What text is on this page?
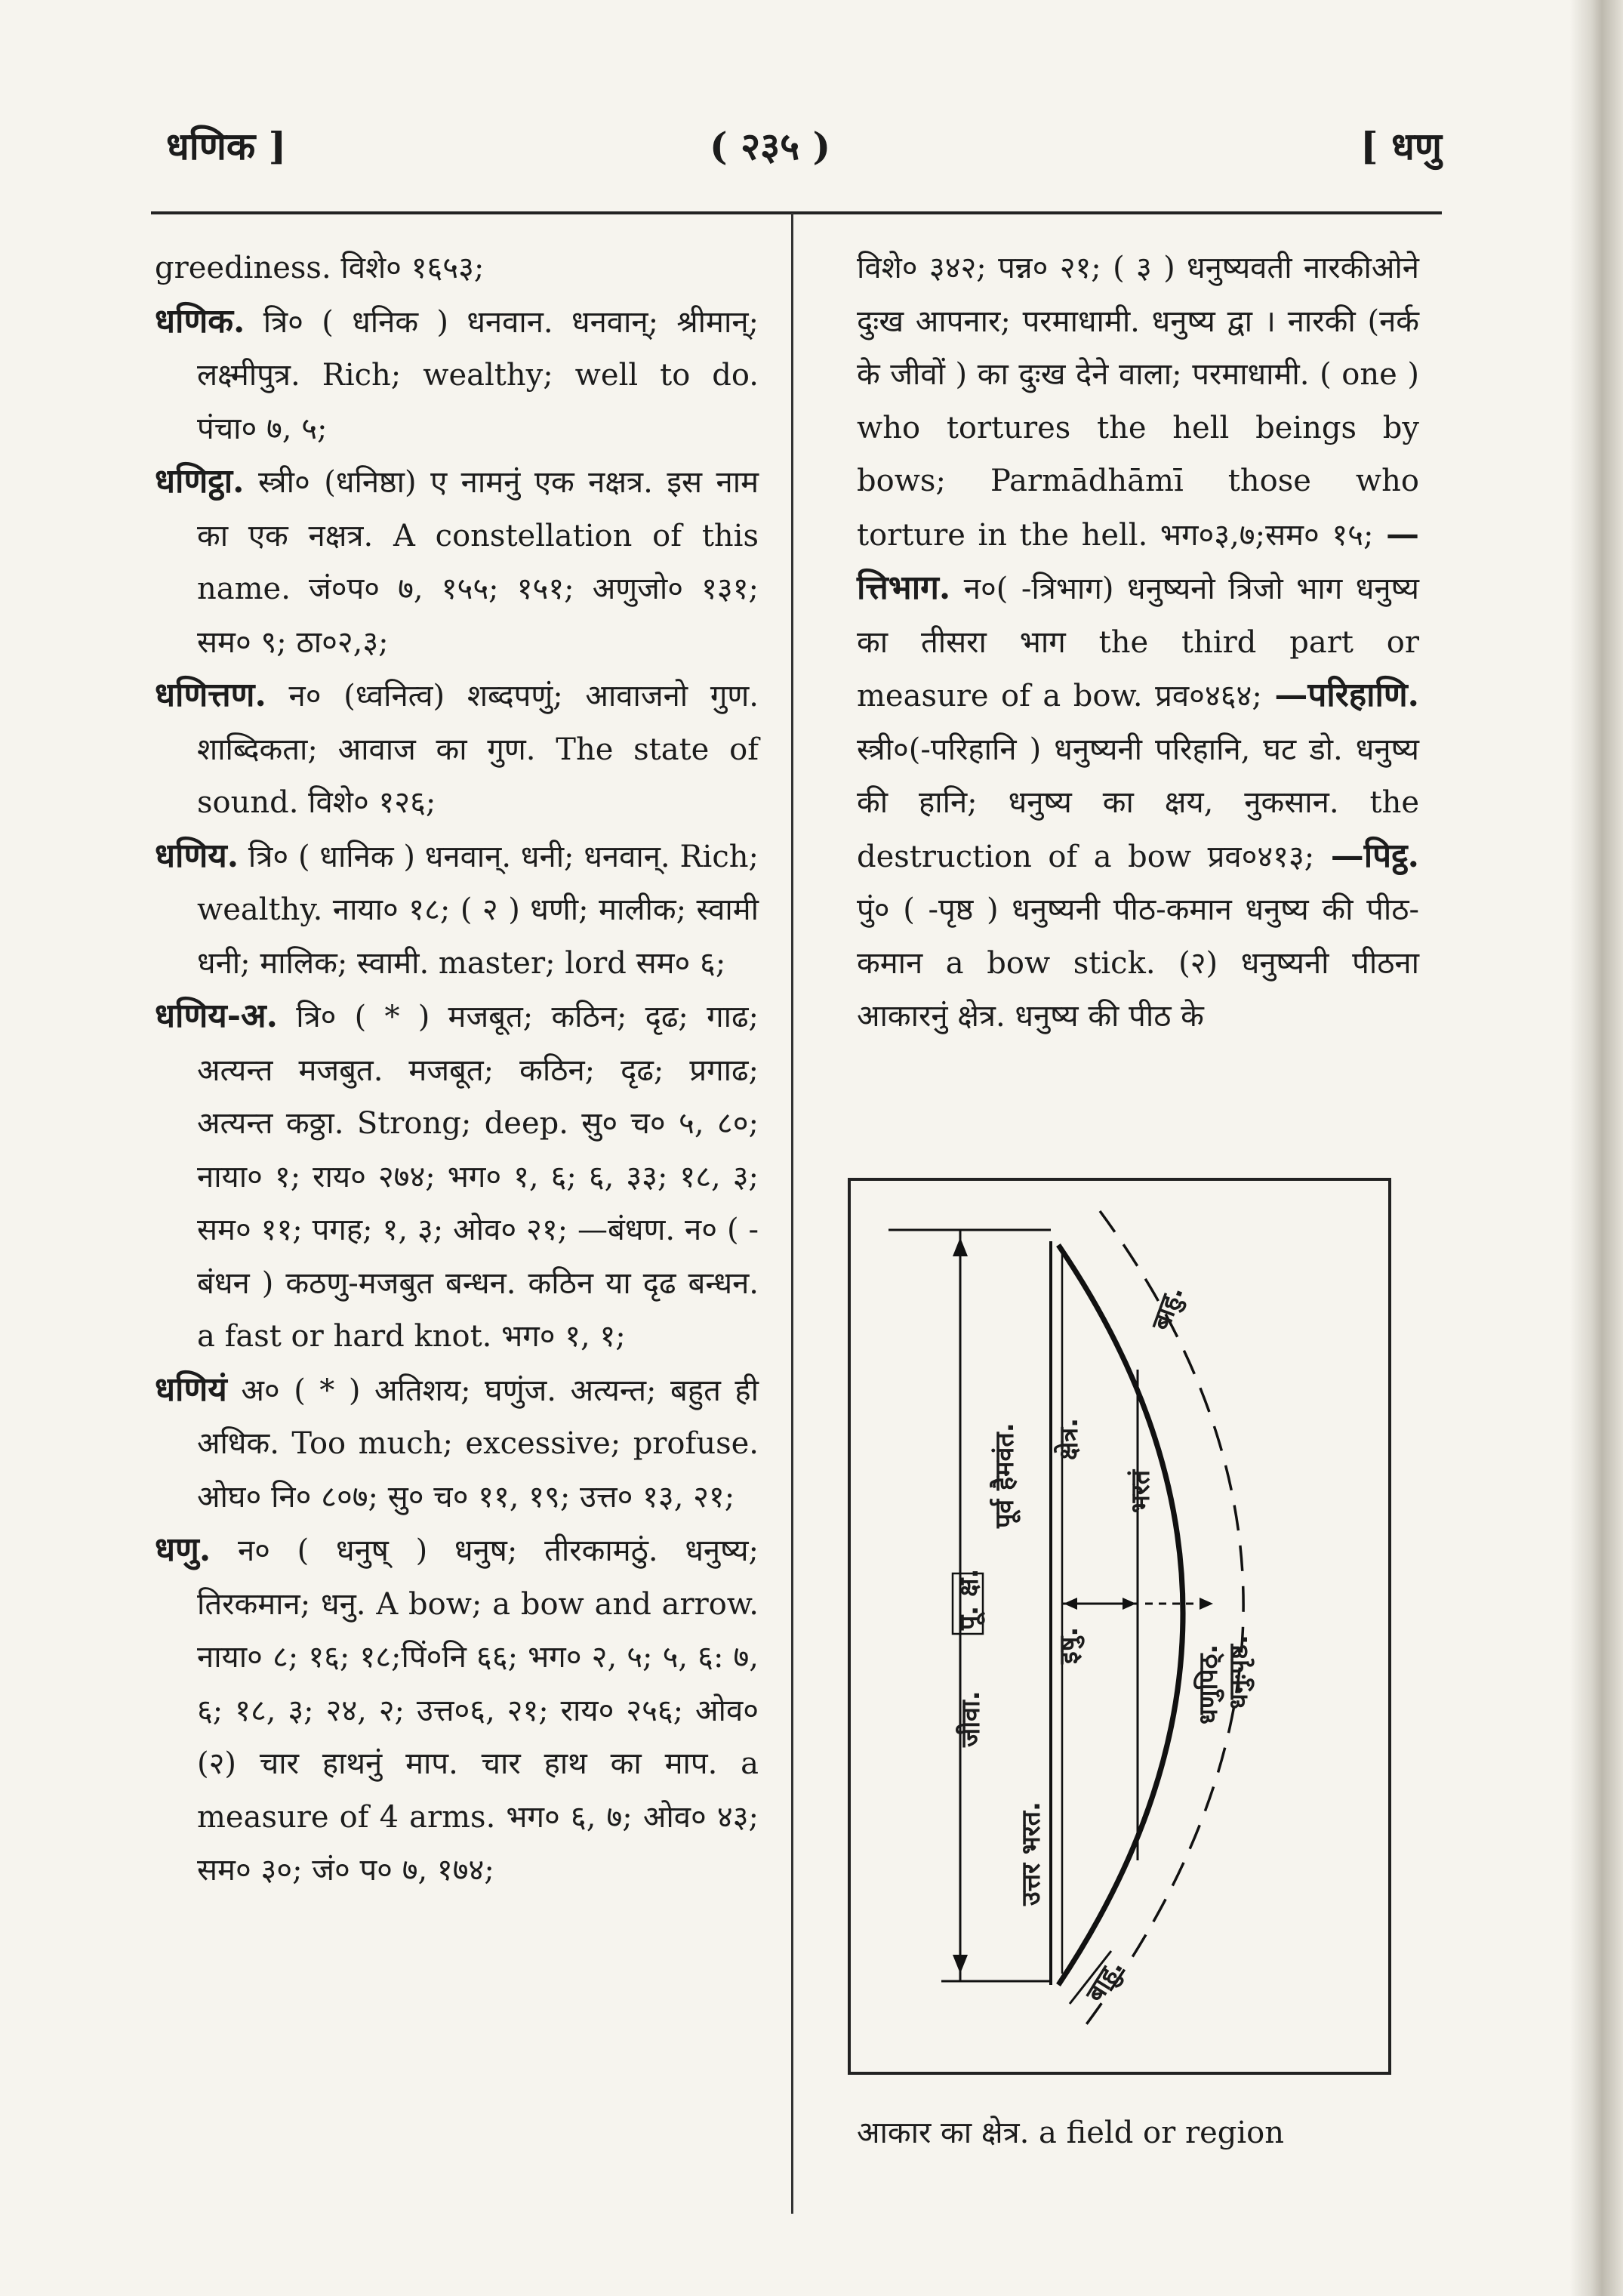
धणिक ]	( २३५ )	[ धणु

greediness. विशे० १६५३;

धणिक. त्रि० ( धनिक ) धनवान. धनवान्; श्रीमान्; लक्ष्मीपुत्र. Rich; wealthy; well to do. पंचा० ७, ५;

धणिट्ठा. स्त्री० (धनिष्ठा) ए नामनुं एक नक्षत्र. इस नाम का एक नक्षत्र. A constellation of this name. जं०प० ७, १५५; १५१; अणुजो० १३१; सम० ९; ठा०२,३;

धणित्तण. न० (ध्वनित्व) शब्दपणुं; आवाजनो गुण. शाब्दिकता; आवाज का गुण. The state of sound. विशे० १२६;

धणिय. त्रि० ( धानिक ) धनवान्. धनी; धनवान्. Rich; wealthy. नाया० १८; ( २ ) धणी; मालीक; स्वामी धनी; मालिक; स्वामी. master; lord सम० ६;

धणिय-अ. त्रि० ( * ) मजबूत; कठिन; दृढ; गाढ; अत्यन्त मजबुत. मजबूत; कठिन; दृढ; प्रगाढ; अत्यन्त कठ्ठा. Strong; deep. सु० च० ५, ८०; नाया० १; राय० २७४; भग० १, ६; ६, ३३; १८, ३; सम० ११; पगह; १, ३; ओव० २१; —बंधण. न० ( -बंधन ) कठणु-मजबुत बन्धन. कठिन या दृढ बन्धन. a fast or hard knot. भग० १, १;

धणियं अ० ( * ) अतिशय; घणुंज. अत्यन्त; बहुत ही अधिक. Too much; excessive; profuse. ओघ० नि० ८०७; सु० च० ११, १९; उत्त० १३, २१;

धणु. न० ( धनुष् ) धनुष; तीरकामठुं. धनुष्य; तिरकमान; धनु. A bow; a bow and arrow. नाया० ८; १६; १८;पिं०नि ६६; भग० २, ५; ५, ६: ७, ६; १८, ३; २४, २; उत्त०६, २१; राय० २५६; ओव० (२) चार हाथनुं माप. चार हाथ का माप. a measure of 4 arms. भग० ६, ७; ओव० ४३; सम० ३०; जं० प० ७, १७४;

विशे० ३४२; पन्न० २१; ( ३ ) धनुष्यवती नारकीओने दुःख आपनार; परमाधामी. धनुष्य द्वा । नारकी (नर्क के जीवों ) का दुःख देने वाला; परमाधामी. ( one ) who tortures the hell beings by bows; Parmādhāmī those who torture in the hell. भग०३,७;सम० १५; —त्तिभाग. न०( -त्रिभाग) धनुष्यनो त्रिजो भाग धनुष्य का तीसरा भाग the third part or measure of a bow. प्रव०४६४; —परिहाणि. स्त्री०(-परिहानि ) धनुष्यनी परिहानि, घट डो. धनुष्य की हानि; धनुष्य का क्षय, नुकसान. the destruction of a bow प्रव०४१३; —पिट्ठ. पुं० ( -पृष्ठ ) धनुष्यनी पीठ-कमान धनुष्य की पीठ-कमान a bow stick. (२) धनुष्यनी पीठना आकारनुं क्षेत्र. धनुष्य की पीठ के

जीवा.
पू. क्ष.
पूर्व हैमवंत.
उत्तर भरत.
इषु.
क्षेत्र.
भरतं
धणुपिठ्. धनुःपृष्ठ.
बाहु.
बाहु.
आकार का क्षेत्र. a field or region
